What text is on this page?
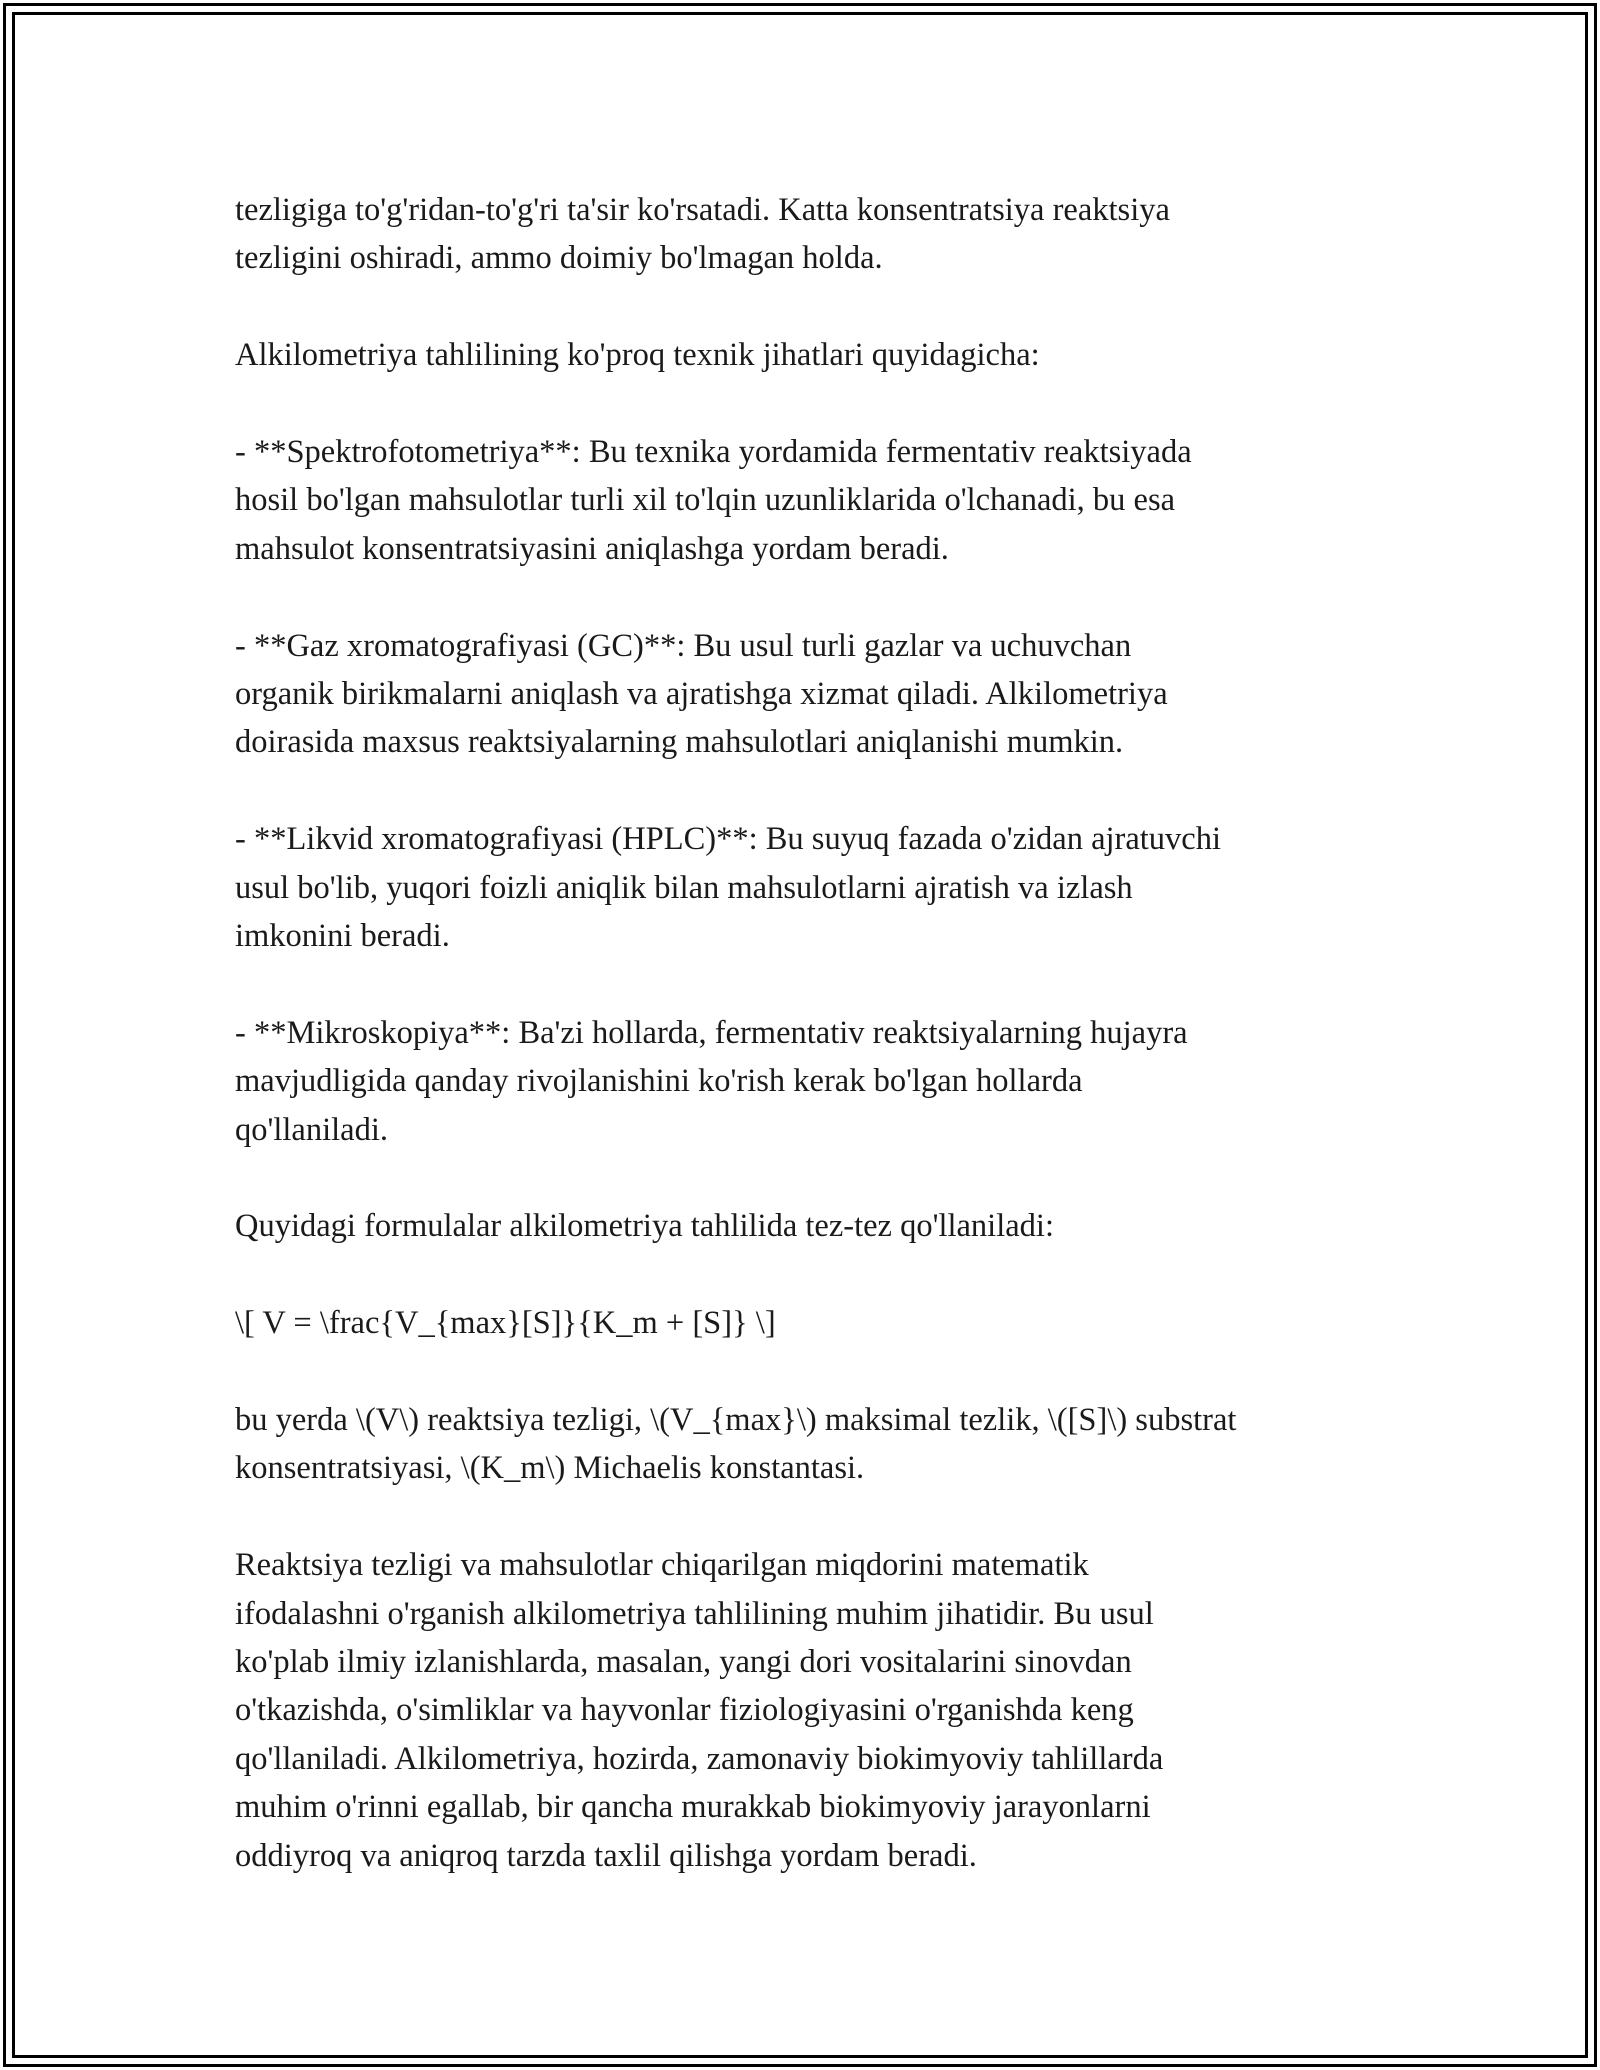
tezligiga to'g'ridan-to'g'ri ta'sir ko'rsatadi. Katta konsentratsiya reaktsiya
tezligini oshiradi, ammo doimiy bo'lmagan holda.

Alkilometriya tahlilining ko'proq texnik jihatlari quyidagicha:

- **Spektrofotometriya**: Bu texnika yordamida fermentativ reaktsiyada
hosil bo'lgan mahsulotlar turli xil to'lqin uzunliklarida o'lchanadi, bu esa
mahsulot konsentratsiyasini aniqlashga yordam beradi.

- **Gaz xromatografiyasi (GC)**: Bu usul turli gazlar va uchuvchan
organik birikmalarni aniqlash va ajratishga xizmat qiladi. Alkilometriya
doirasida maxsus reaktsiyalarning mahsulotlari aniqlanishi mumkin.

- **Likvid xromatografiyasi (HPLC)**: Bu suyuq fazada o'zidan ajratuvchi
usul bo'lib, yuqori foizli aniqlik bilan mahsulotlarni ajratish va izlash
imkonini beradi.

- **Mikroskopiya**: Ba'zi hollarda, fermentativ reaktsiyalarning hujayra
mavjudligida qanday rivojlanishini ko'rish kerak bo'lgan hollarda
qo'llaniladi.

Quyidagi formulalar alkilometriya tahlilida tez-tez qo'llaniladi:

\[ V = \frac{V_{max}[S]}{K_m + [S]} \]

bu yerda \(V\) reaktsiya tezligi, \(V_{max}\) maksimal tezlik, \([S]\) substrat
konsentratsiyasi, \(K_m\) Michaelis konstantasi.

Reaktsiya tezligi va mahsulotlar chiqarilgan miqdorini matematik
ifodalashni o'rganish alkilometriya tahlilining muhim jihatidir. Bu usul
ko'plab ilmiy izlanishlarda, masalan, yangi dori vositalarini sinovdan
o'tkazishda, o'simliklar va hayvonlar fiziologiyasini o'rganishda keng
qo'llaniladi. Alkilometriya, hozirda, zamonaviy biokimyoviy tahlillarda
muhim o'rinni egallab, bir qancha murakkab biokimyoviy jarayonlarni
oddiyroq va aniqroq tarzda taxlil qilishga yordam beradi.
